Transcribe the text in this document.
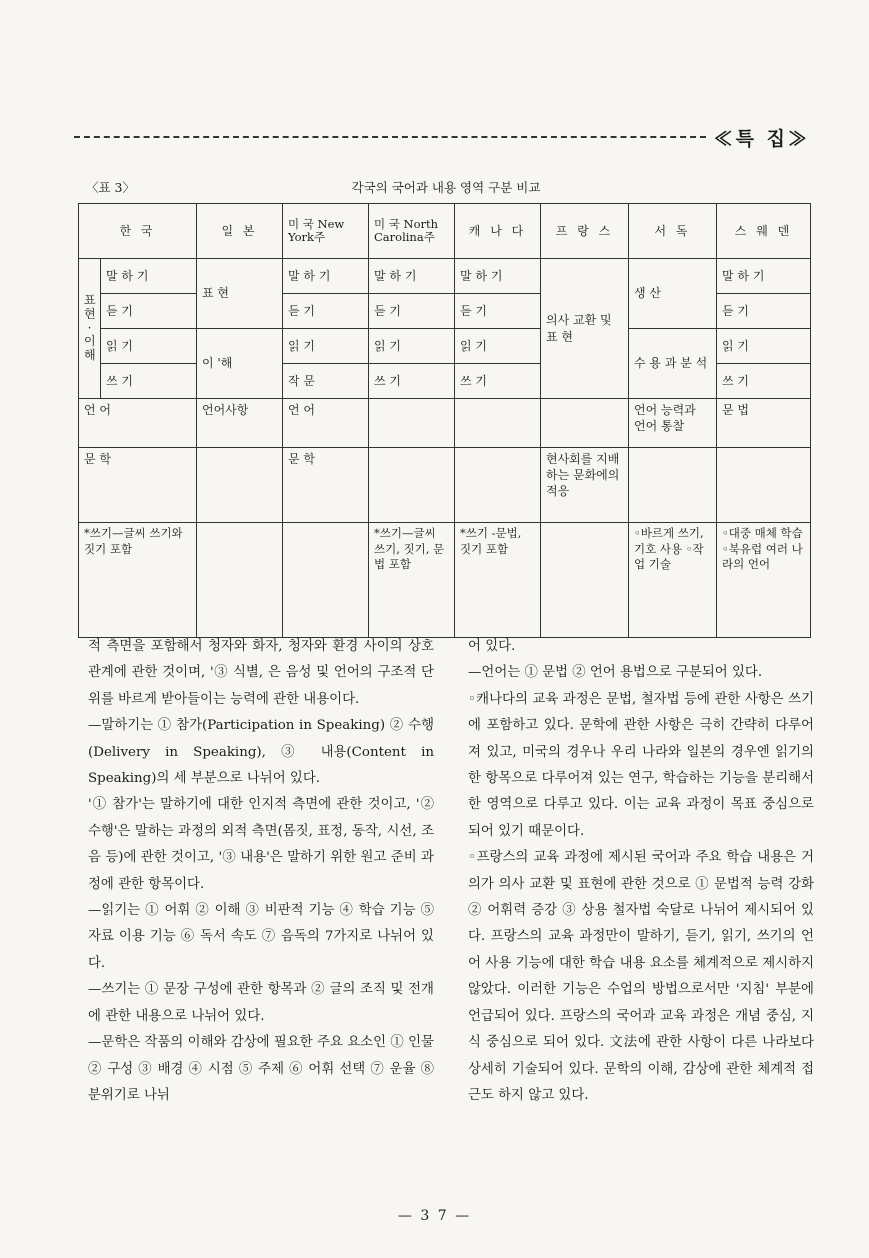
≪특 집≫
〈표 3〉	각국의 국어과 내용 영역 구분 비교
한 국		일 본	미 국 New York주	미 국 North Carolina주	캐 나 다	프 랑 스	서 독	스 웨 덴
표현·이해	말 하 기	표 현	말 하 기	말 하 기	말 하 기	의사 교환 및 표 현	생 산	말 하 기
	듣 기		듣 기	듣 기	듣 기			듣 기
	읽 기	이 '해	읽 기	읽 기	읽 기		수 용 과 분 석	읽 기
	쓰 기		작 문	쓰 기	쓰 기			쓰 기
언 어		언어사항	언 어				언어 능력과 언어 통찰	문 법
문 학			문 학			현사회를 지배하는 문화에의 적응		
*쓰기—글씨 쓰기와 짓기 포함				*쓰기—글씨 쓰기, 짓기, 문법 포함	*쓰기 -문법, 짓기 포함		◦바르게 쓰기,기호 사용 ◦작업 기술	◦대중 매체 학습 ◦북유럽 여러 나라의 언어

적 측면을 포함해서 청자와 화자, 청자와 환경 사이의 상호 관계에 관한 것이며, '③ 식별, 은 음성 및 언어의 구조적 단위를 바르게 받아들이는 능력에 관한 내용이다.

—말하기는 ① 참가(Participation in Speaking) ② 수행(Delivery in Speaking), ③ 내용(Content in Speaking)의 세 부분으로 나뉘어 있다.

'① 참가'는 말하기에 대한 인지적 측면에 관한 것이고, '② 수행'은 말하는 과정의 외적 측면(몸짓, 표정, 동작, 시선, 조음 등)에 관한 것이고, '③ 내용'은 말하기 위한 원고 준비 과정에 관한 항목이다.

—읽기는 ① 어휘 ② 이해 ③ 비판적 기능 ④ 학습 기능 ⑤ 자료 이용 기능 ⑥ 독서 속도 ⑦ 음독의 7가지로 나뉘어 있다.

—쓰기는 ① 문장 구성에 관한 항목과 ② 글의 조직 및 전개에 관한 내용으로 나뉘어 있다.

—문학은 작품의 이해와 감상에 필요한 주요 요소인 ① 인물 ② 구성 ③ 배경 ④ 시점 ⑤ 주제 ⑥ 어휘 선택 ⑦ 운율 ⑧ 분위기로 나뉘

어 있다.

—언어는 ① 문법 ② 언어 용법으로 구분되어 있다.

◦캐나다의 교육 과정은 문법, 철자법 등에 관한 사항은 쓰기에 포함하고 있다. 문학에 관한 사항은 극히 간략히 다루어져 있고, 미국의 경우나 우리 나라와 일본의 경우엔 읽기의 한 항목으로 다루어져 있는 연구, 학습하는 기능을 분리해서 한 영역으로 다루고 있다. 이는 교육 과정이 목표 중심으로 되어 있기 때문이다.

◦프랑스의 교육 과정에 제시된 국어과 주요 학습 내용은 거의가 의사 교환 및 표현에 관한 것으로 ① 문법적 능력 강화 ② 어휘력 증강 ③ 상용 철자법 숙달로 나뉘어 제시되어 있다. 프랑스의 교육 과정만이 말하기, 듣기, 읽기, 쓰기의 언어 사용 기능에 대한 학습 내용 요소를 체계적으로 제시하지 않았다. 이러한 기능은 수업의 방법으로서만 '지침' 부분에 언급되어 있다. 프랑스의 국어과 교육 과정은 개념 중심, 지식 중심으로 되어 있다. 文法에 관한 사항이 다른 나라보다 상세히 기술되어 있다. 문학의 이해, 감상에 관한 체계적 접근도 하지 않고 있다.

— 3 7 —
